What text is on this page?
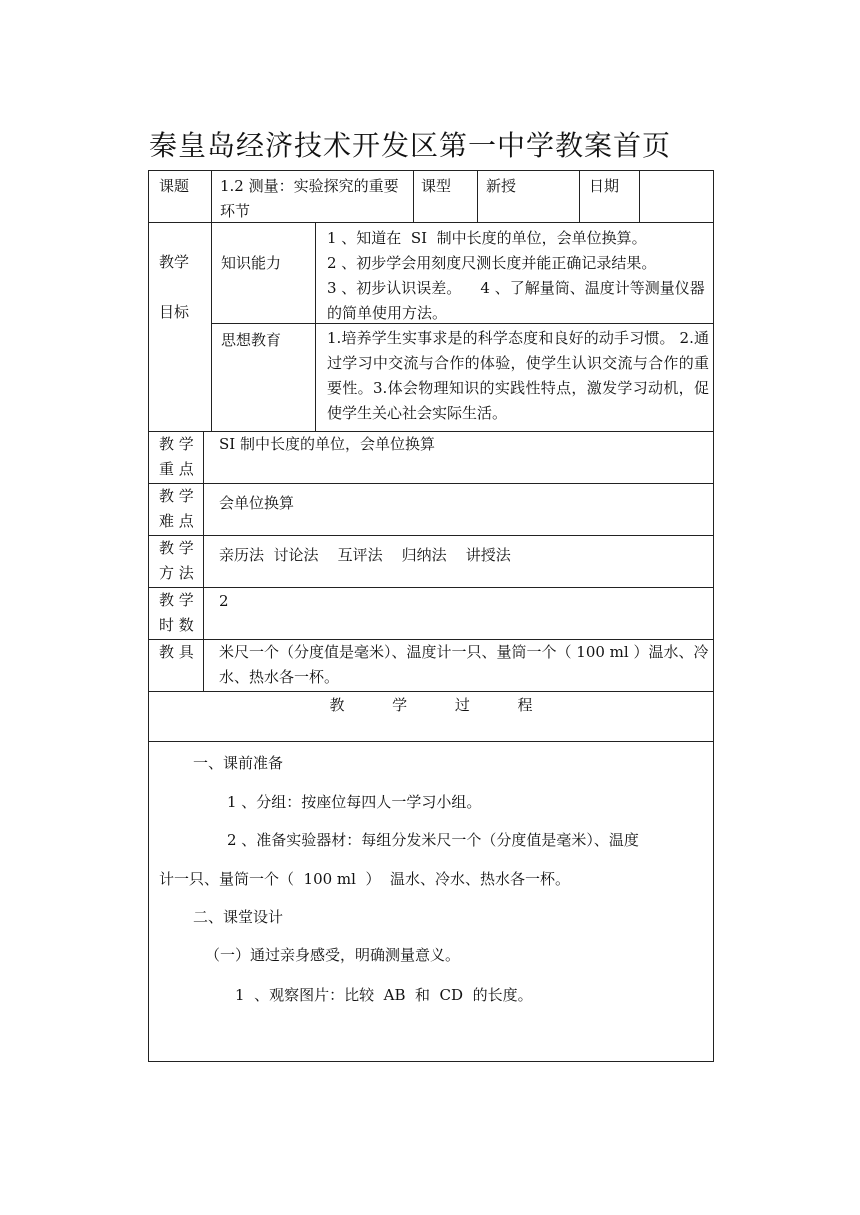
秦皇岛经济技术开发区第一中学教案首页
课题 1.2 测量：实验探究的重要环节
课型 新授	日期
教学

目标
知识能力
1 、知道在  SI  制中长度的单位，会单位换算。
2 、初步学会用刻度尺测长度并能正确记录结果。
3 、初步认识误差。    4 、了解量筒、温度计等测量仪器的简单使用方法。
思想教育	1.培养学生实事求是的科学态度和良好的动手习惯。 2.通过学习中交流与合作的体验，使学生认识交流与合作的重要性。3.体会物理知识的实践性特点，激发学习动机，促使学生关心社会实际生活。
教 学
重 点
SI 制中长度的单位，会单位换算
教 学
难 点
会单位换算
教 学
方 法
亲历法  讨论法    互评法    归纳法    讲授法
教 学
时 数
2
教 具 米尺一个（分度值是毫米）、温度计一只、量筒一个（ 100 ml ）温水、冷水、热水各一杯。
教          学          过          程
一、课前准备
1 、分组：按座位每四人一学习小组。
2 、准备实验器材：每组分发米尺一个（分度值是毫米）、温度
计一只、量筒一个（  100 ml  ）  温水、冷水、热水各一杯。
二、课堂设计
（一）通过亲身感受，明确测量意义。
1  、观察图片：比较  AB  和  CD  的长度。
